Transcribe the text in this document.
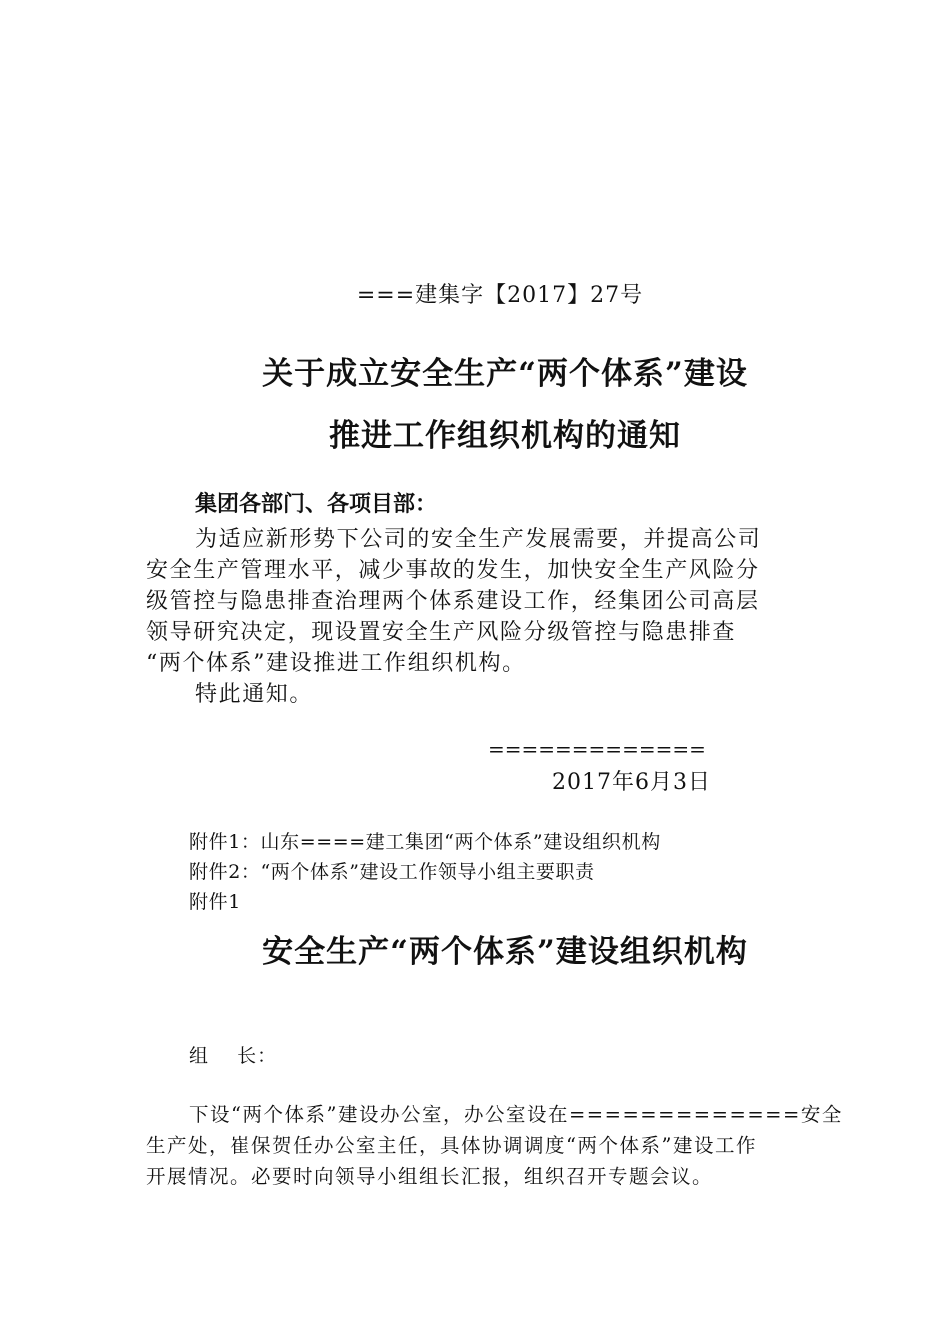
===建集字【2017】27号
关于成立安全生产“两个体系”建设
推进工作组织机构的通知
集团各部门、各项目部：
为适应新形势下公司的安全生产发展需要，并提高公司
安全生产管理水平，减少事故的发生，加快安全生产风险分
级管控与隐患排查治理两个体系建设工作，经集团公司高层
领导研究决定，现设置安全生产风险分级管控与隐患排查
“两个体系”建设推进工作组织机构。
特此通知。
=============
2017年6月3日
附件1：山东====建工集团“两个体系”建设组织机构
附件2：“两个体系”建设工作领导小组主要职责
附件1
安全生产“两个体系”建设组织机构
组    长：
下设“两个体系”建设办公室，办公室设在=============安全
生产处，崔保贺任办公室主任，具体协调调度“两个体系”建设工作
开展情况。必要时向领导小组组长汇报，组织召开专题会议。
